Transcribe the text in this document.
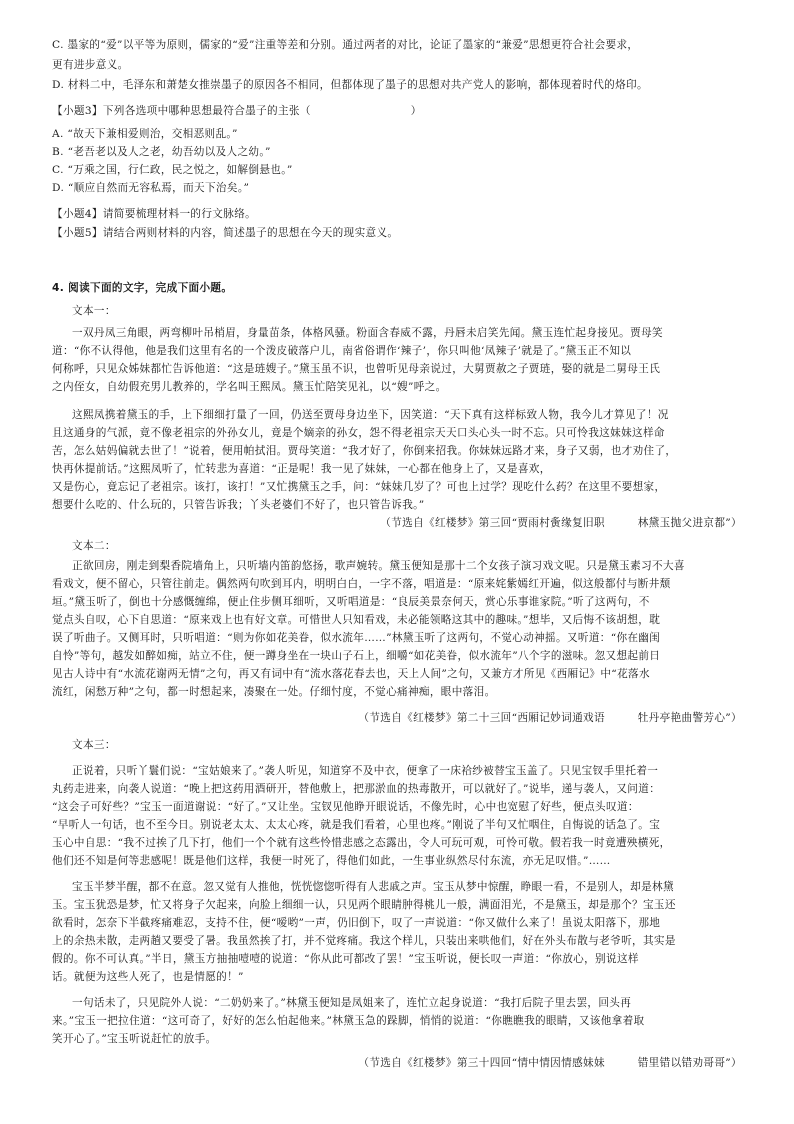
C. 墨家的“爱”以平等为原则，儒家的“爱”注重等差和分别。通过两者的对比，论证了墨家的“兼爱”思想更符合社会要求，
更有进步意义。
D. 材料二中，毛泽东和萧楚女推崇墨子的原因各不相同，但都体现了墨子的思想对共产党人的影响，都体现着时代的烙印。
【小题3】下列各选项中哪种思想最符合墨子的主张（	）
A. “故天下兼相爱则治，交相恶则乱。”
B. “老吾老以及人之老，幼吾幼以及人之幼。”
C. “万乘之国，行仁政，民之悦之，如解倒悬也。”
D. “顺应自然而无容私焉，而天下治矣。”
【小题4】请简要梳理材料一的行文脉络。
【小题5】请结合两则材料的内容，简述墨子的思想在今天的现实意义。
4. 阅读下面的文字，完成下面小题。
文本一：
一双丹凤三角眼，两弯柳叶吊梢眉，身量苗条，体格风骚。粉面含春威不露，丹唇未启笑先闻。黛玉连忙起身接见。贾母笑
道：“你不认得他，他是我们这里有名的一个泼皮破落户儿，南省俗谓作‘辣子’，你只叫他‘凤辣子’就是了。”黛玉正不知以
何称呼，只见众姊妹都忙告诉他道：“这是琏嫂子。”黛玉虽不识，也曾听见母亲说过，大舅贾赦之子贾琏，娶的就是二舅母王氏
之内侄女，自幼假充男儿教养的，学名叫王熙凤。黛玉忙陪笑见礼，以“嫂”呼之。
这熙凤携着黛玉的手，上下细细打量了一回，仍送至贾母身边坐下，因笑道：“天下真有这样标致人物，我今儿才算见了！况
且这通身的气派，竟不像老祖宗的外孙女儿，竟是个嫡亲的孙女，怨不得老祖宗天天口头心头一时不忘。只可怜我这妹妹这样命
苦，怎么姑妈偏就去世了！”说着，便用帕拭泪。贾母笑道：“我才好了，你倒来招我。你妹妹远路才来，身子又弱，也才劝住了，
快再休提前话。”这熙凤听了，忙转悲为喜道：“正是呢！我一见了妹妹，一心都在他身上了，又是喜欢，
又是伤心，竟忘记了老祖宗。该打，该打！”又忙携黛玉之手，问：“妹妹几岁了？可也上过学？现吃什么药？在这里不要想家，
想要什么吃的、什么玩的，只管告诉我；丫头老婆们不好了，也只管告诉我。”
（节选自《红楼梦》第三回“贾雨村夤缘复旧职　　　林黛玉抛父进京都”）
文本二：
正欲回房，刚走到梨香院墙角上，只听墙内笛韵悠扬，歌声婉转。黛玉便知是那十二个女孩子演习戏文呢。只是黛玉素习不大喜
看戏文，便不留心，只管往前走。偶然两句吹到耳内，明明白白，一字不落，唱道是：“原来姹紫嫣红开遍，似这般都付与断井颓
垣。”黛玉听了，倒也十分感慨缠绵，便止住步侧耳细听，又听唱道是：“良辰美景奈何天，赏心乐事谁家院。”听了这两句，不
觉点头自叹，心下自思道：“原来戏上也有好文章。可惜世人只知看戏，未必能领略这其中的趣味。”想毕，又后悔不该胡想，耽
误了听曲子。又侧耳时，只听唱道：“则为你如花美眷，似水流年……”林黛玉听了这两句，不觉心动神摇。又听道：“你在幽闺
自怜”等句，越发如醉如痴，站立不住，便一蹲身坐在一块山子石上，细嚼“如花美眷，似水流年”八个字的滋味。忽又想起前日
见古人诗中有“水流花谢两无情”之句，再又有词中有“流水落花春去也，天上人间”之句，又兼方才所见《西厢记》中“花落水
流红，闲愁万种”之句，都一时想起来，凑聚在一处。仔细忖度，不觉心痛神痴，眼中落泪。
（节选自《红楼梦》第二十三回“西厢记妙词通戏语　　　牡丹亭艳曲警芳心”）
文本三：
正说着，只听丫鬟们说：“宝姑娘来了。”袭人听见，知道穿不及中衣，便拿了一床袷纱被替宝玉盖了。只见宝钗手里托着一
丸药走进来，向袭人说道：“晚上把这药用酒研开，替他敷上，把那淤血的热毒散开，可以就好了。”说毕，递与袭人，又问道：
“这会子可好些？”宝玉一面道谢说：“好了。”又让坐。宝钗见他睁开眼说话，不像先时，心中也宽慰了好些，便点头叹道：
“早听人一句话，也不至今日。别说老太太、太太心疼，就是我们看着，心里也疼。”刚说了半句又忙咽住，自悔说的话急了。宝
玉心中自思：“我不过挨了几下打，他们一个个就有这些怜惜悲感之态露出，令人可玩可观，可怜可敬。假若我一时竟遭殃横死，
他们还不知是何等悲感呢！既是他们这样，我便一时死了，得他们如此，一生事业纵然尽付东流，亦无足叹惜。”……
宝玉半梦半醒，都不在意。忽又觉有人推他，恍恍惚惚听得有人悲戚之声。宝玉从梦中惊醒，睁眼一看，不是别人，却是林黛
玉。宝玉犹恐是梦，忙又将身子欠起来，向脸上细细一认，只见两个眼睛肿得桃儿一般，满面泪光，不是黛玉，却是那个？宝玉还
欲看时，怎奈下半截疼痛难忍，支持不住，便“嗳哟”一声，仍旧倒下，叹了一声说道：“你又做什么来了！虽说太阳落下，那地
上的余热未散，走两趟又要受了暑。我虽然挨了打，并不觉疼痛。我这个样儿，只装出来哄他们，好在外头布散与老爷听，其实是
假的。你不可认真。”半日，黛玉方抽抽噎噎的说道：“你从此可都改了罢！”宝玉听说，便长叹一声道：“你放心，别说这样
话。就便为这些人死了，也是情愿的！”
一句话未了，只见院外人说：“二奶奶来了。”林黛玉便知是凤姐来了，连忙立起身说道：“我打后院子里去罢，回头再
来。”宝玉一把拉住道：“这可奇了，好好的怎么怕起他来。”林黛玉急的跺脚，悄悄的说道：“你瞧瞧我的眼睛，又该他拿着取
笑开心了。”宝玉听说赶忙的放手。
（节选自《红楼梦》第三十四回“情中情因情感妹妹　　　错里错以错劝哥哥”）
